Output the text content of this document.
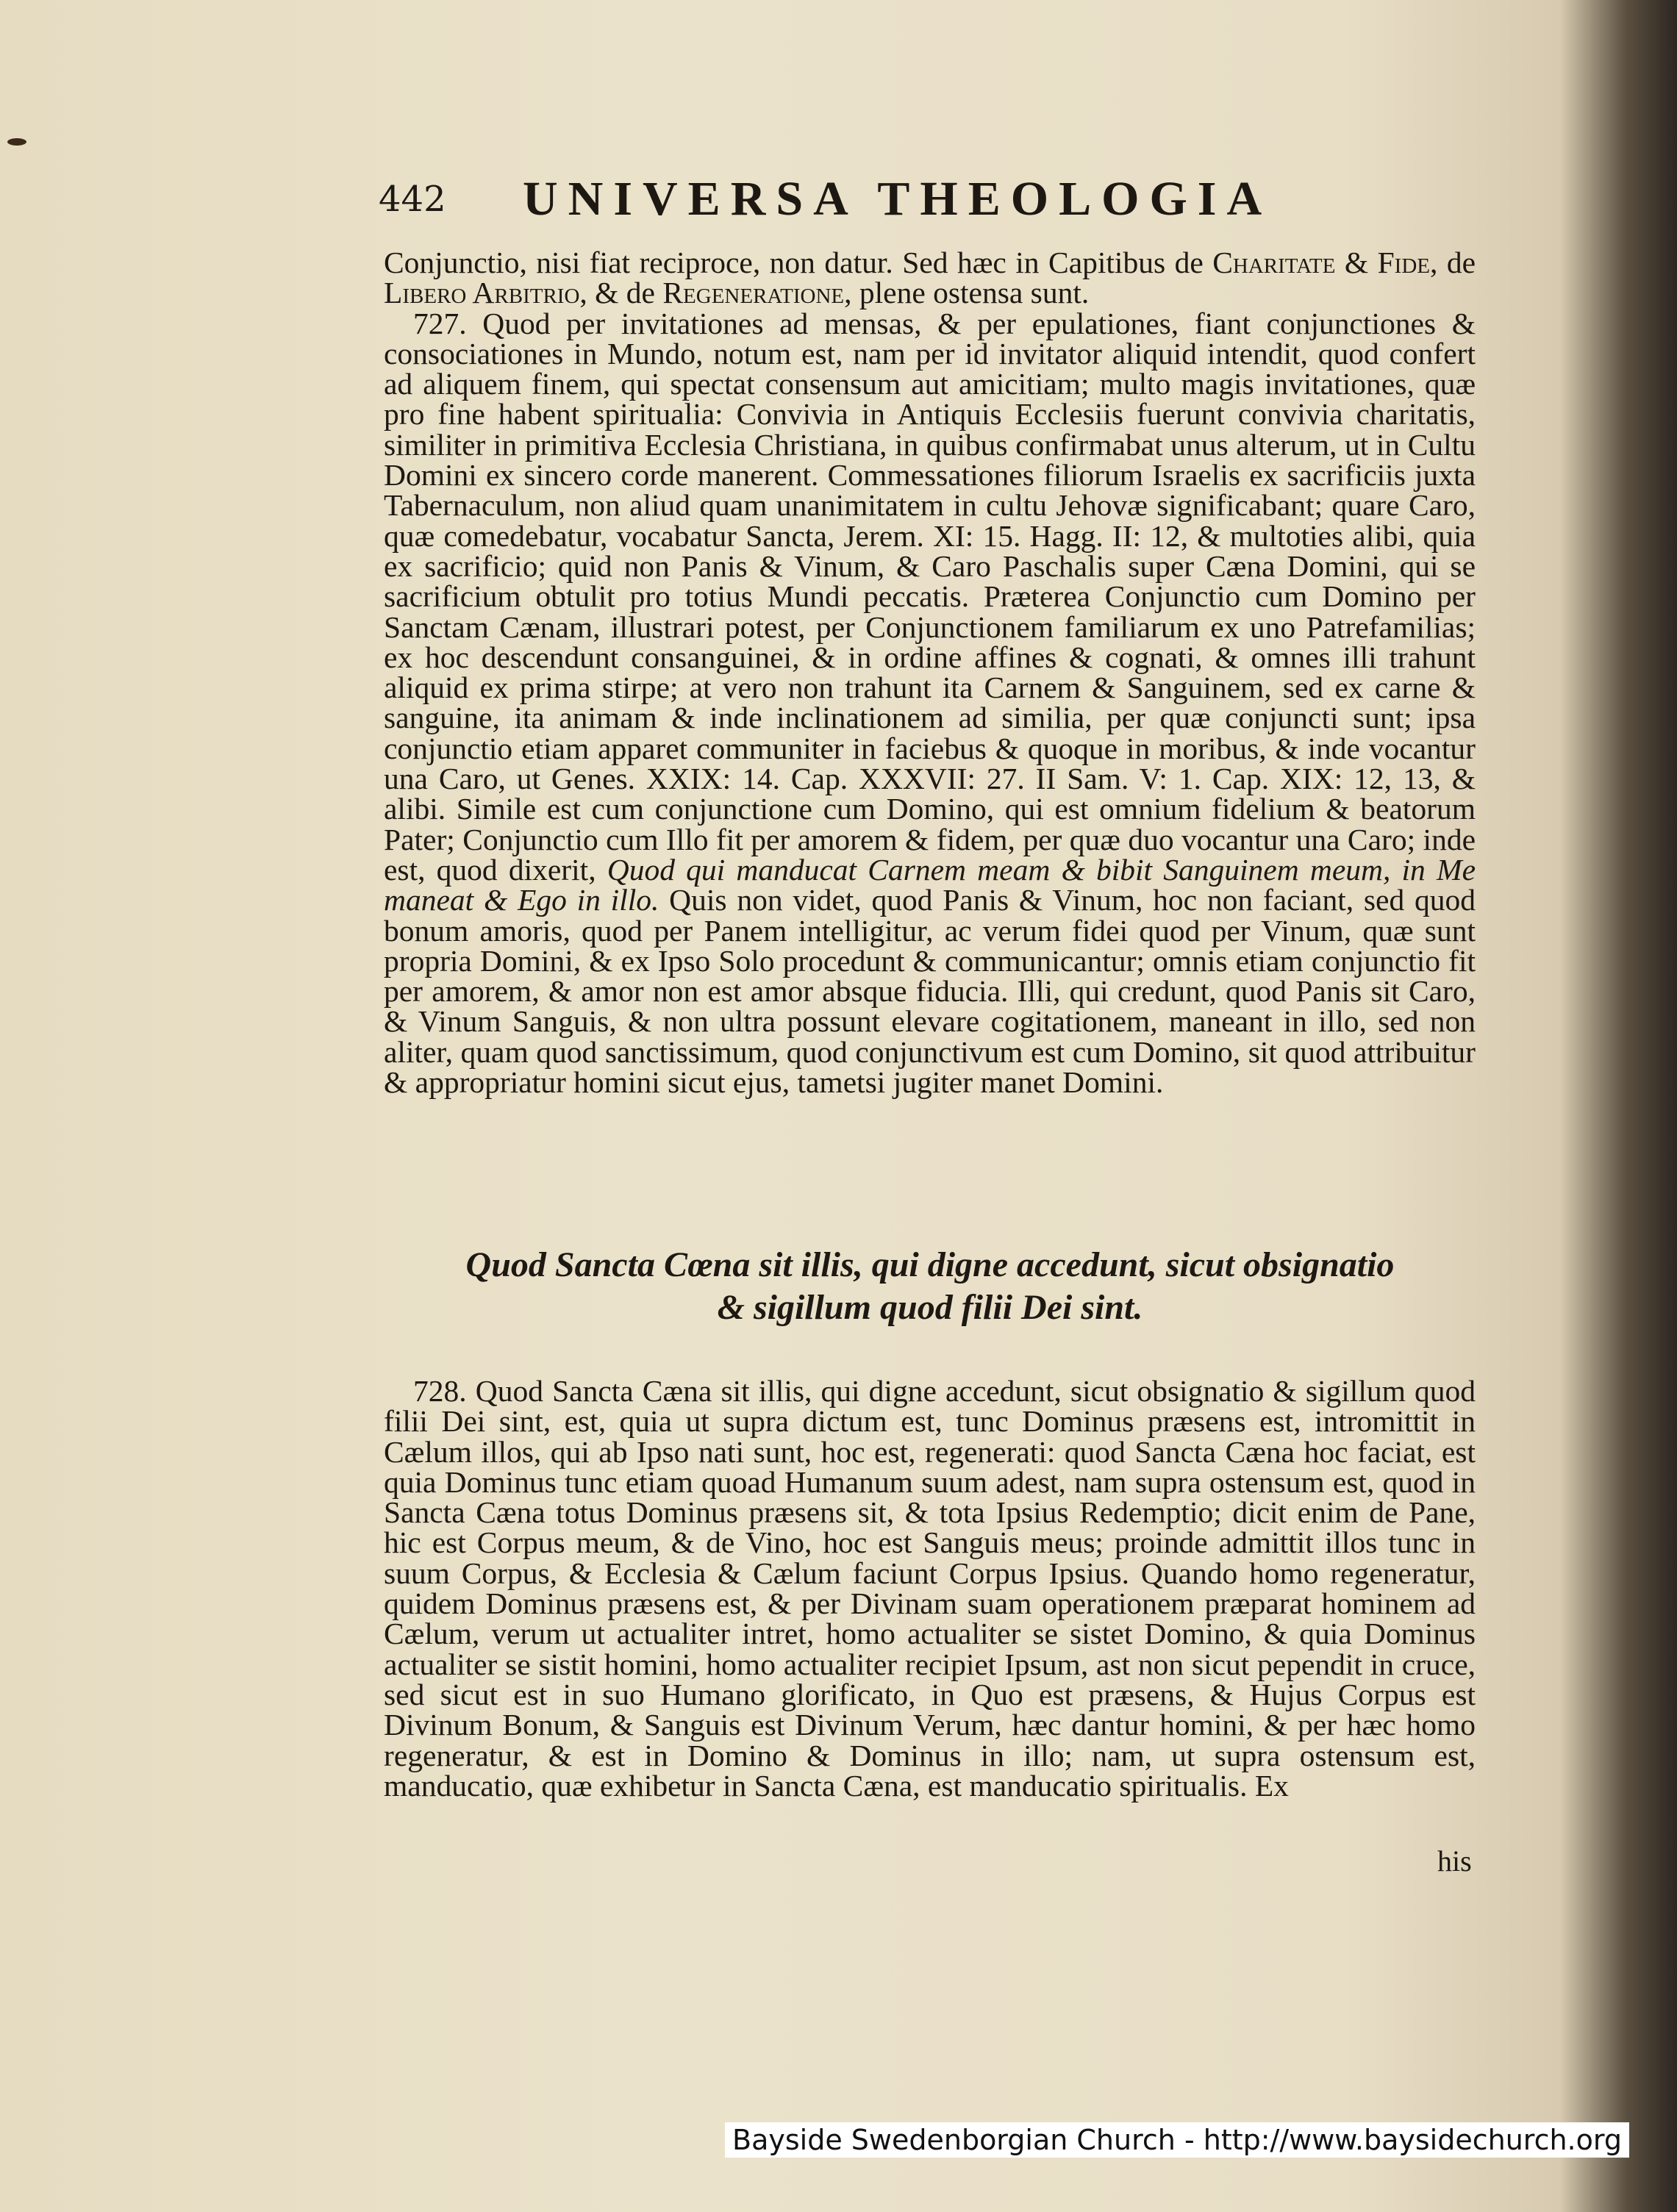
442 UNIVERSA THEOLOGIA

Conjunctio, nisi fiat reciproce, non datur. Sed hæc in Capitibus de Charitate & Fide, de Libero Arbitrio, & de Regeneratione, plene ostensa sunt.

727. Quod per invitationes ad mensas, & per epulationes, fiant conjunctiones & consociationes in Mundo, notum est, nam per id invitator aliquid intendit, quod confert ad aliquem finem, qui spectat consensum aut amicitiam; multo magis invitationes, quæ pro fine habent spiritualia: Convivia in Antiquis Ecclesiis fuerunt convivia charitatis, similiter in primitiva Ecclesia Christiana, in quibus confirmabat unus alterum, ut in Cultu Domini ex sincero corde manerent. Commessationes filiorum Israelis ex sacrificiis juxta Tabernaculum, non aliud quam unanimitatem in cultu Jehovæ significabant; quare Caro, quæ comedebatur, vocabatur Sancta, Jerem. XI: 15. Hagg. II: 12, & multoties alibi, quia ex sacrificio; quid non Panis & Vinum, & Caro Paschalis super Cæna Domini, qui se sacrificium obtulit pro totius Mundi peccatis. Præterea Conjunctio cum Domino per Sanctam Cænam, illustrari potest, per Conjunctionem familiarum ex uno Patrefamilias; ex hoc descendunt consanguinei, & in ordine affines & cognati, & omnes illi trahunt aliquid ex prima stirpe; at vero non trahunt ita Carnem & Sanguinem, sed ex carne & sanguine, ita animam & inde inclinationem ad similia, per quæ conjuncti sunt; ipsa conjunctio etiam apparet communiter in faciebus & quoque in moribus, & inde vocantur una Caro, ut Genes. XXIX: 14. Cap. XXXVII: 27. II Sam. V: 1. Cap. XIX: 12, 13, & alibi. Simile est cum conjunctione cum Domino, qui est omnium fidelium & beatorum Pater; Conjunctio cum Illo fit per amorem & fidem, per quæ duo vocantur una Caro; inde est, quod dixerit, Quod qui manducat Carnem meam & bibit Sanguinem meum, in Me maneat & Ego in illo. Quis non videt, quod Panis & Vinum, hoc non faciant, sed quod bonum amoris, quod per Panem intelligitur, ac verum fidei quod per Vinum, quæ sunt propria Domini, & ex Ipso Solo procedunt & communicantur; omnis etiam conjunctio fit per amorem, & amor non est amor absque fiducia. Illi, qui credunt, quod Panis sit Caro, & Vinum Sanguis, & non ultra possunt elevare cogitationem, maneant in illo, sed non aliter, quam quod sanctissimum, quod conjunctivum est cum Domino, sit quod attribuitur & appropriatur homini sicut ejus, tametsi jugiter manet Domini.

Quod Sancta Cœna sit illis, qui digne accedunt, sicut obsignatio
& sigillum quod filii Dei sint.

728. Quod Sancta Cæna sit illis, qui digne accedunt, sicut obsignatio & sigillum quod filii Dei sint, est, quia ut supra dictum est, tunc Dominus præsens est, intromittit in Cælum illos, qui ab Ipso nati sunt, hoc est, regenerati: quod Sancta Cæna hoc faciat, est quia Dominus tunc etiam quoad Humanum suum adest, nam supra ostensum est, quod in Sancta Cæna totus Dominus præsens sit, & tota Ipsius Redemptio; dicit enim de Pane, hic est Corpus meum, & de Vino, hoc est Sanguis meus; proinde admittit illos tunc in suum Corpus, & Ecclesia & Cælum faciunt Corpus Ipsius. Quando homo regeneratur, quidem Dominus præsens est, & per Divinam suam operationem præparat hominem ad Cælum, verum ut actualiter intret, homo actualiter se sistet Domino, & quia Dominus actualiter se sistit homini, homo actualiter recipiet Ipsum, ast non sicut pependit in cruce, sed sicut est in suo Humano glorificato, in Quo est præsens, & Hujus Corpus est Divinum Bonum, & Sanguis est Divinum Verum, hæc dantur homini, & per hæc homo regeneratur, & est in Domino & Dominus in illo; nam, ut supra ostensum est, manducatio, quæ exhibetur in Sancta Cæna, est manducatio spiritualis. Ex

his
Bayside Swedenborgian Church - http://www.baysidechurch.org
